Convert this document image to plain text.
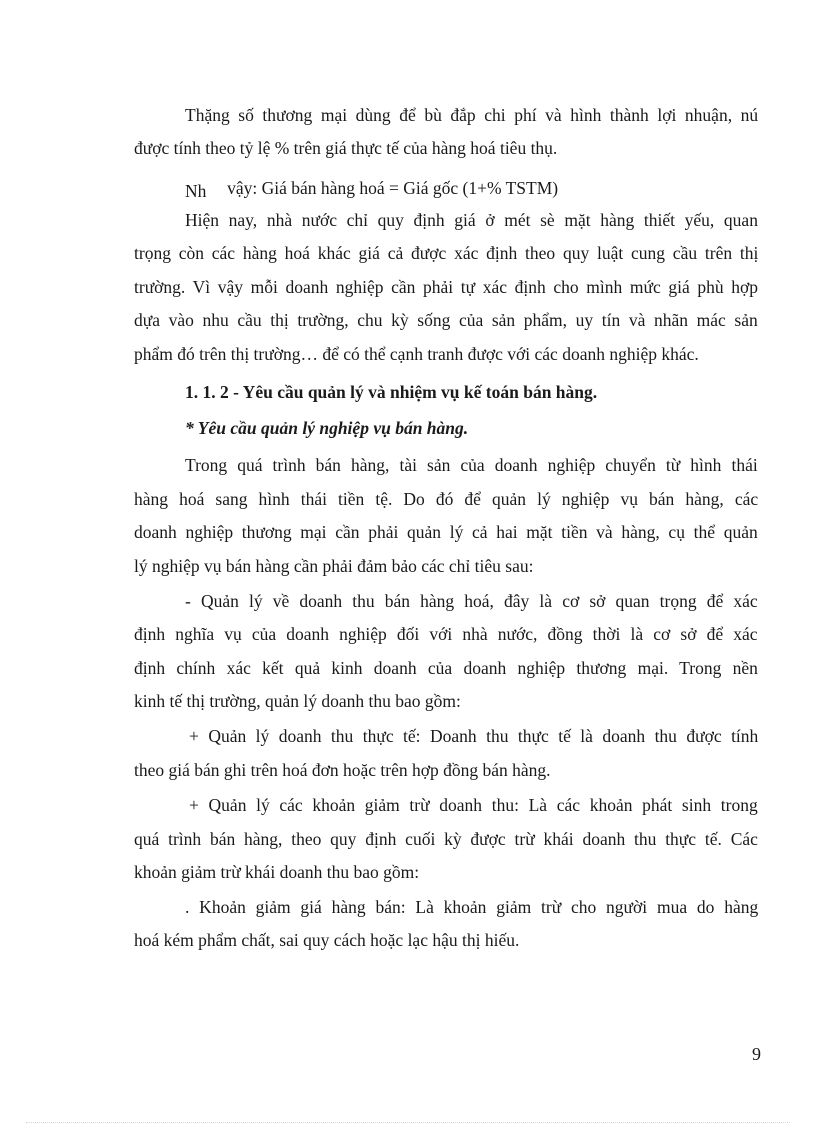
Thặng số thương mại dùng để bù đắp chi phí và hình thành lợi nhuận, nú
được tính theo tỷ lệ % trên giá thực tế của hàng hoá tiêu thụ.
Nh vậy: Giá bán hàng hoá = Giá gốc (1+% TSTM)
Hiện nay, nhà nước chỉ quy định giá ở mét sè mặt hàng thiết yếu, quan
trọng còn các hàng hoá khác giá cả được xác định theo quy luật cung cầu trên thị
trường. Vì vậy mỗi doanh nghiệp cần phải tự xác định cho mình mức giá phù hợp
dựa vào nhu cầu thị trường, chu kỳ sống của sản phẩm, uy tín và nhãn mác sản
phẩm đó trên thị trường… để có thể cạnh tranh được với các doanh nghiệp khác.
1. 1. 2 - Yêu cầu quản lý và nhiệm vụ kế toán bán hàng.
* Yêu cầu quản lý nghiệp vụ bán hàng.
Trong quá trình bán hàng, tài sản của doanh nghiệp chuyển từ hình thái
hàng hoá sang hình thái tiền tệ. Do đó để quản lý nghiệp vụ bán hàng, các
doanh nghiệp thương mại cần phải quản lý cả hai mặt tiền và hàng, cụ thể quản
lý nghiệp vụ bán hàng cần phải đảm bảo các chỉ tiêu sau:
- Quản lý về doanh thu bán hàng hoá, đây là cơ sở quan trọng để xác
định nghĩa vụ của doanh nghiệp đối với nhà nước, đồng thời là cơ sở để xác
định chính xác kết quả kinh doanh của doanh nghiệp thương mại. Trong nền
kinh tế thị trường, quản lý doanh thu bao gồm:
+ Quản lý doanh thu thực tế: Doanh thu thực tế là doanh thu được tính
theo giá bán ghi trên hoá đơn hoặc trên hợp đồng bán hàng.
+ Quản lý các khoản giảm trừ doanh thu: Là các khoản phát sinh trong
quá trình bán hàng, theo quy định cuối kỳ được trừ khái doanh thu thực tế. Các
khoản giảm trừ khái doanh thu bao gồm:
. Khoản giảm giá hàng bán: Là khoản giảm trừ cho người mua do hàng
hoá kém phẩm chất, sai quy cách hoặc lạc hậu thị hiếu.
9
